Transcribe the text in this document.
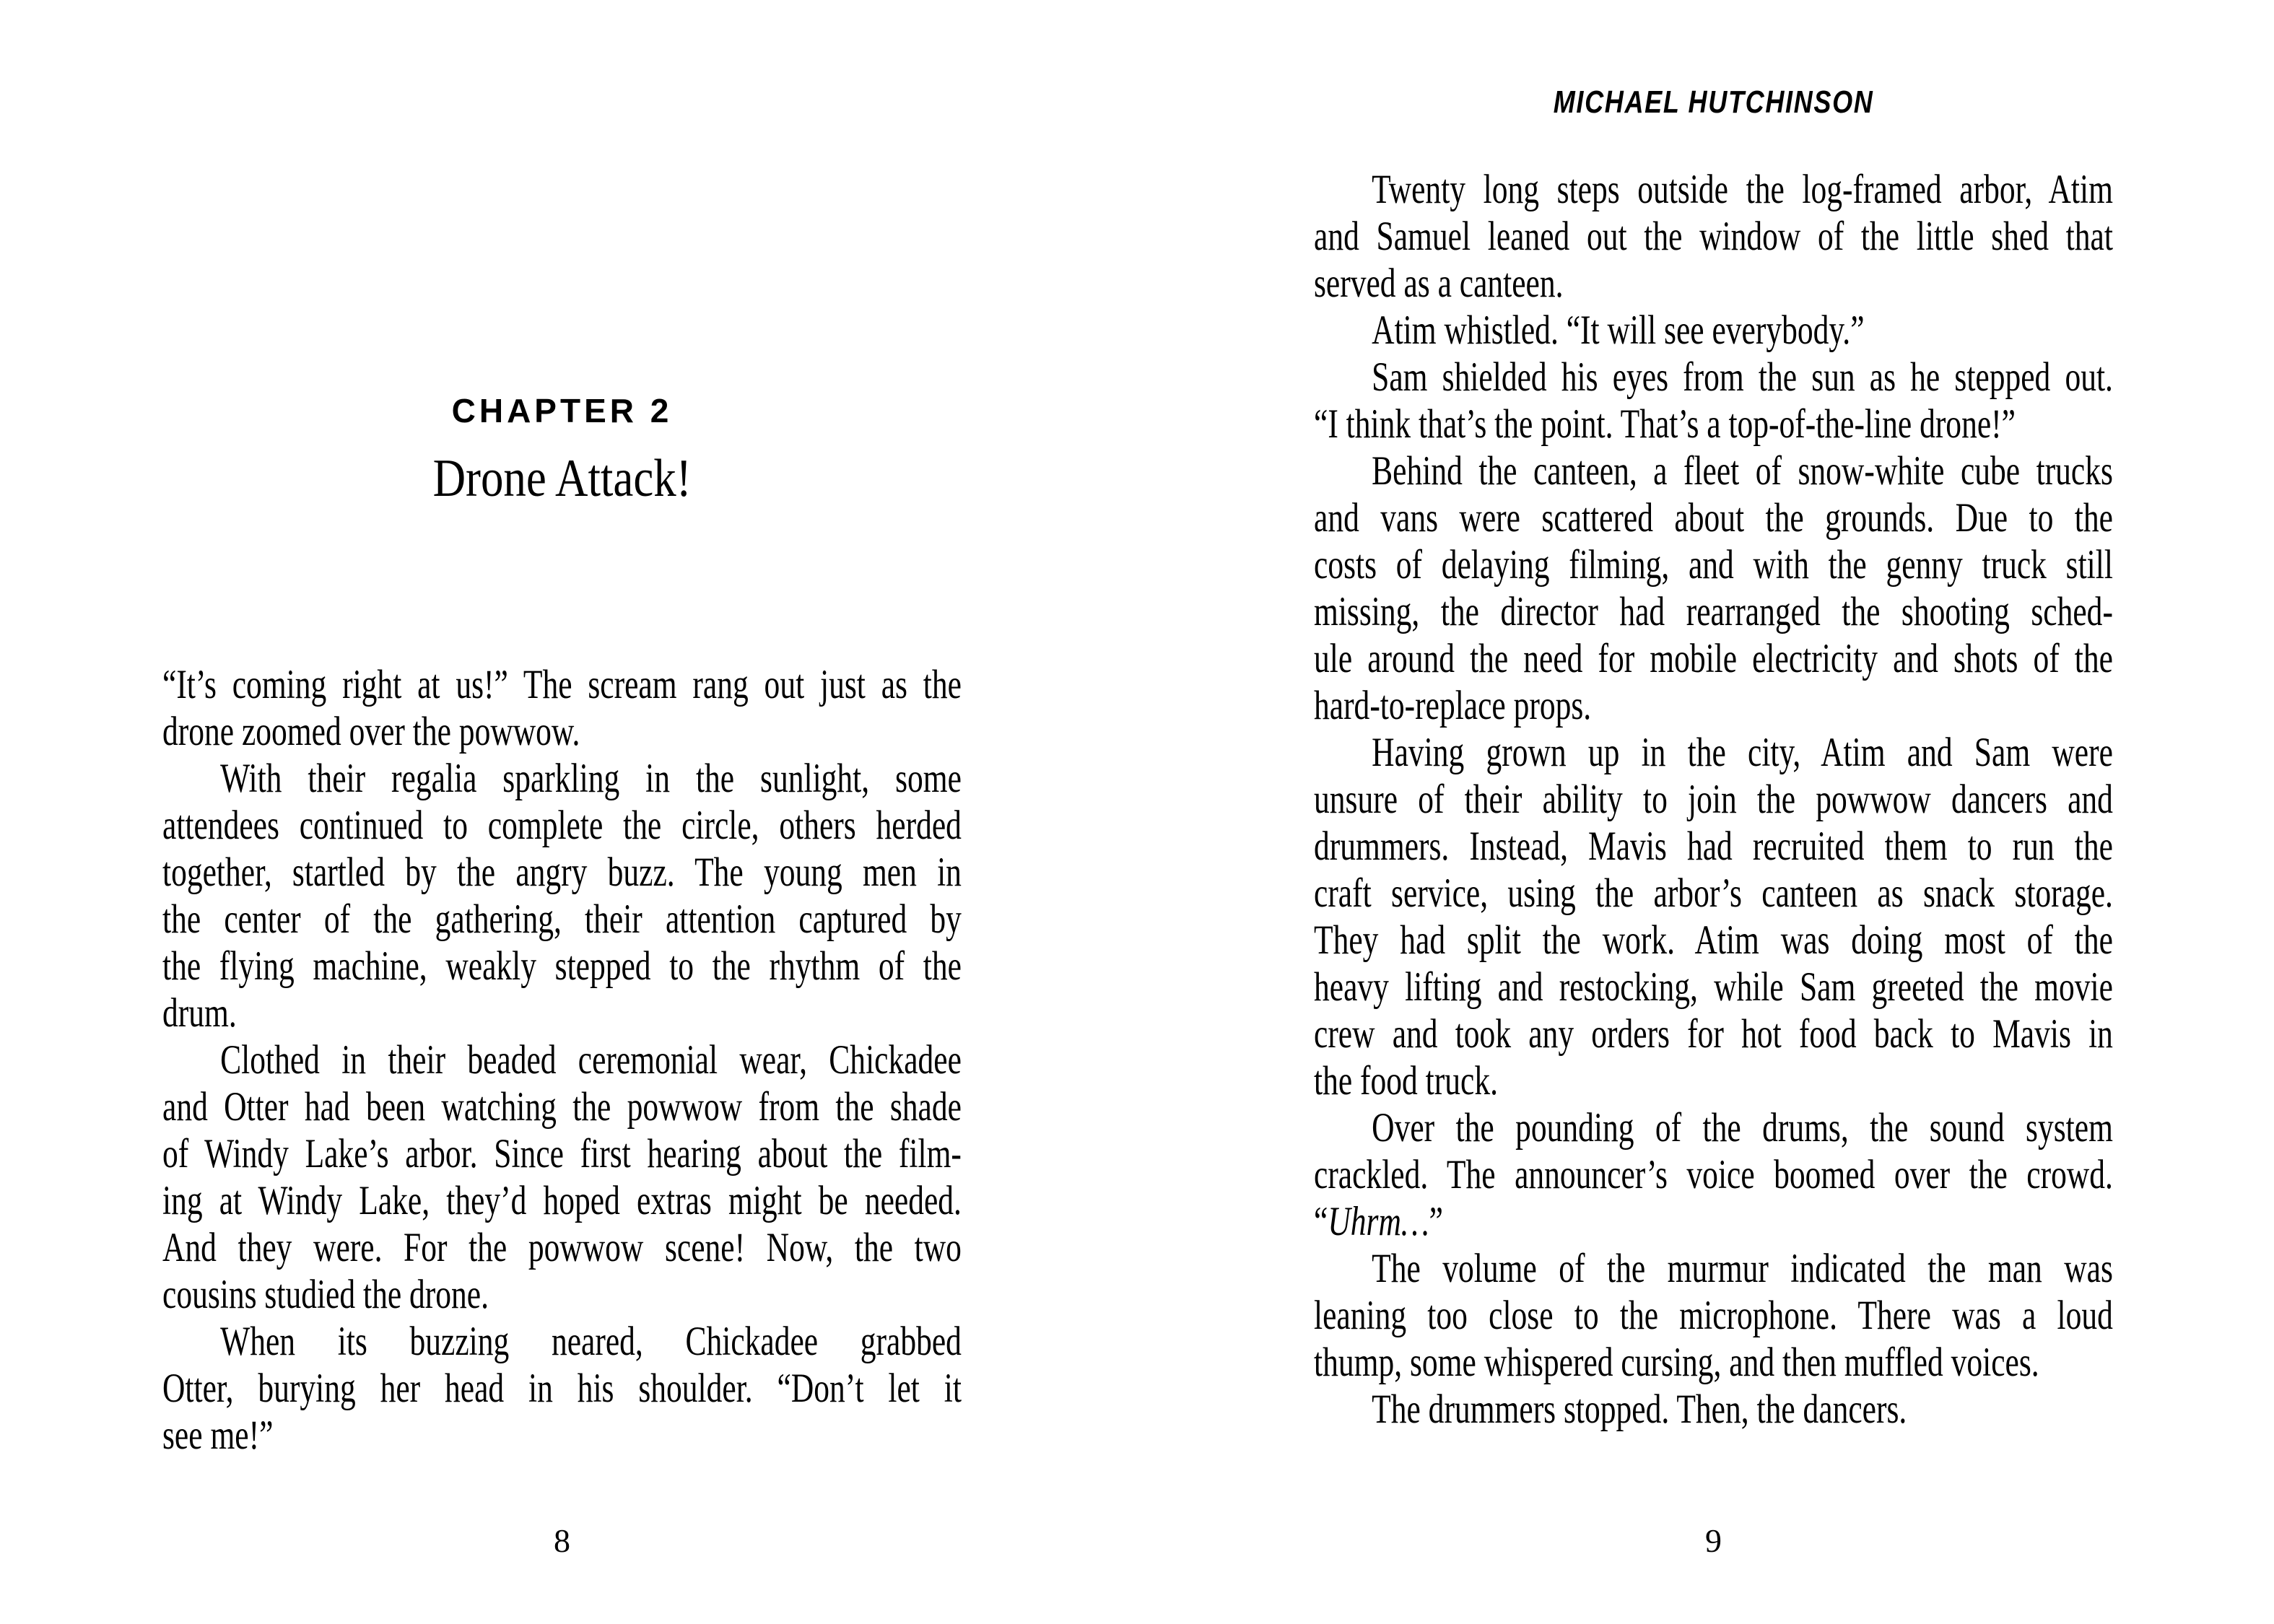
CHAPTER 2
Drone Attack!
“It’s coming right at us!” The scream rang out just as the
drone zoomed over the powwow.
With their regalia sparkling in the sunlight, some
attendees continued to complete the circle, others herded
together, startled by the angry buzz. The young men in
the center of the gathering, their attention captured by
the flying machine, weakly stepped to the rhythm of the
drum.
Clothed in their beaded ceremonial wear, Chickadee
and Otter had been watching the powwow from the shade
of Windy Lake’s arbor. Since first hearing about the film-
ing at Windy Lake, they’d hoped extras might be needed.
And they were. For the powwow scene! Now, the two
cousins studied the drone.
When its buzzing neared, Chickadee grabbed
Otter, burying her head in his shoulder. “Don’t let it
see me!”
8
MICHAEL HUTCHINSON
Twenty long steps outside the log-framed arbor, Atim
and Samuel leaned out the window of the little shed that
served as a canteen.
Atim whistled. “It will see everybody.”
Sam shielded his eyes from the sun as he stepped out.
“I think that’s the point. That’s a top-of-the-line drone!”
Behind the canteen, a fleet of snow-white cube trucks
and vans were scattered about the grounds. Due to the
costs of delaying filming, and with the genny truck still
missing, the director had rearranged the shooting sched-
ule around the need for mobile electricity and shots of the
hard-to-replace props.
Having grown up in the city, Atim and Sam were
unsure of their ability to join the powwow dancers and
drummers. Instead, Mavis had recruited them to run the
craft service, using the arbor’s canteen as snack storage.
They had split the work. Atim was doing most of the
heavy lifting and restocking, while Sam greeted the movie
crew and took any orders for hot food back to Mavis in
the food truck.
Over the pounding of the drums, the sound system
crackled. The announcer’s voice boomed over the crowd.
“Uhrm…”
The volume of the murmur indicated the man was
leaning too close to the microphone. There was a loud
thump, some whispered cursing, and then muffled voices.
The drummers stopped. Then, the dancers.
9
